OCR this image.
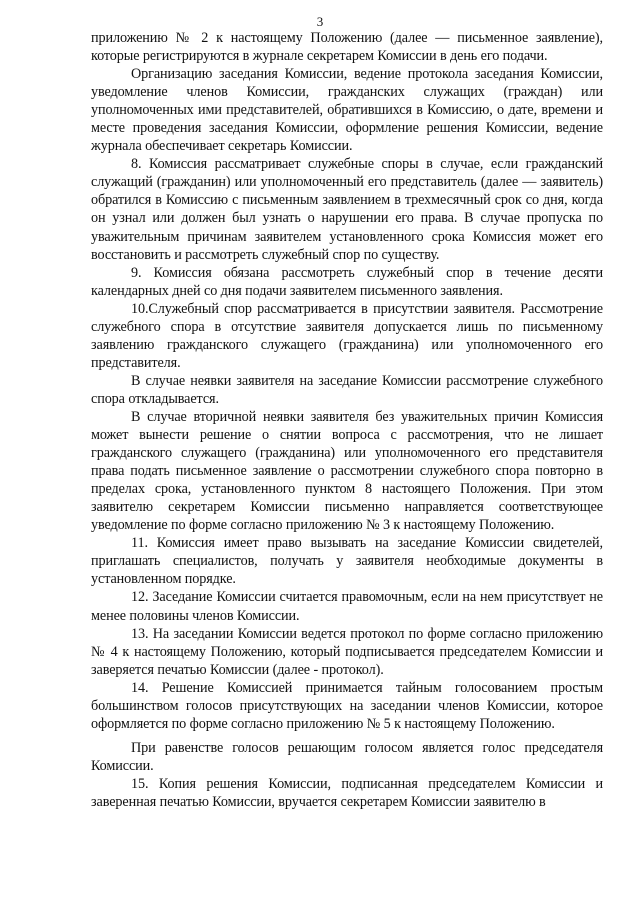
3

приложению № 2 к настоящему Положению (далее — письменное заявление), которые регистрируются в журнале секретарем Комиссии в день его подачи.

Организацию заседания Комиссии, ведение протокола заседания Комиссии, уведомление членов Комиссии, гражданских служащих (граждан) или уполномоченных ими представителей, обратившихся в Комиссию, о дате, времени и месте проведения заседания Комиссии, оформление решения Комиссии, ведение журнала обеспечивает секретарь Комиссии.

8. Комиссия рассматривает служебные споры в случае, если гражданский служащий (гражданин) или уполномоченный его представитель (далее — заявитель) обратился в Комиссию с письменным заявлением в трехмесячный срок со дня, когда он узнал или должен был узнать о нарушении его права. В случае пропуска по уважительным причинам заявителем установленного срока Комиссия может его восстановить и рассмотреть служебный спор по существу.

9. Комиссия обязана рассмотреть служебный спор в течение десяти календарных дней со дня подачи заявителем письменного заявления.

10.Служебный спор рассматривается в присутствии заявителя. Рассмотрение служебного спора в отсутствие заявителя допускается лишь по письменному заявлению гражданского служащего (гражданина) или уполномоченного его представителя.

В случае неявки заявителя на заседание Комиссии рассмотрение служебного спора откладывается.

В случае вторичной неявки заявителя без уважительных причин Комиссия может вынести решение о снятии вопроса с рассмотрения, что не лишает гражданского служащего (гражданина) или уполномоченного его представителя права подать письменное заявление о рассмотрении служебного спора повторно в пределах срока, установленного пунктом 8 настоящего Положения. При этом заявителю секретарем Комиссии письменно направляется соответствующее уведомление по форме согласно приложению № 3 к настоящему Положению.

11. Комиссия имеет право вызывать на заседание Комиссии свидетелей, приглашать специалистов, получать у заявителя необходимые документы в установленном порядке.

12. Заседание Комиссии считается правомочным, если на нем присутствует не менее половины членов Комиссии.

13. На заседании Комиссии ведется протокол по форме согласно приложению № 4 к настоящему Положению, который подписывается председателем Комиссии и заверяется печатью Комиссии (далее - протокол).

14. Решение Комиссией принимается тайным голосованием простым большинством голосов присутствующих на заседании членов Комиссии, которое оформляется по форме согласно приложению № 5 к настоящему Положению.

При равенстве голосов решающим голосом является голос председателя Комиссии.

15. Копия решения Комиссии, подписанная председателем Комиссии и заверенная печатью Комиссии, вручается секретарем Комиссии заявителю в
